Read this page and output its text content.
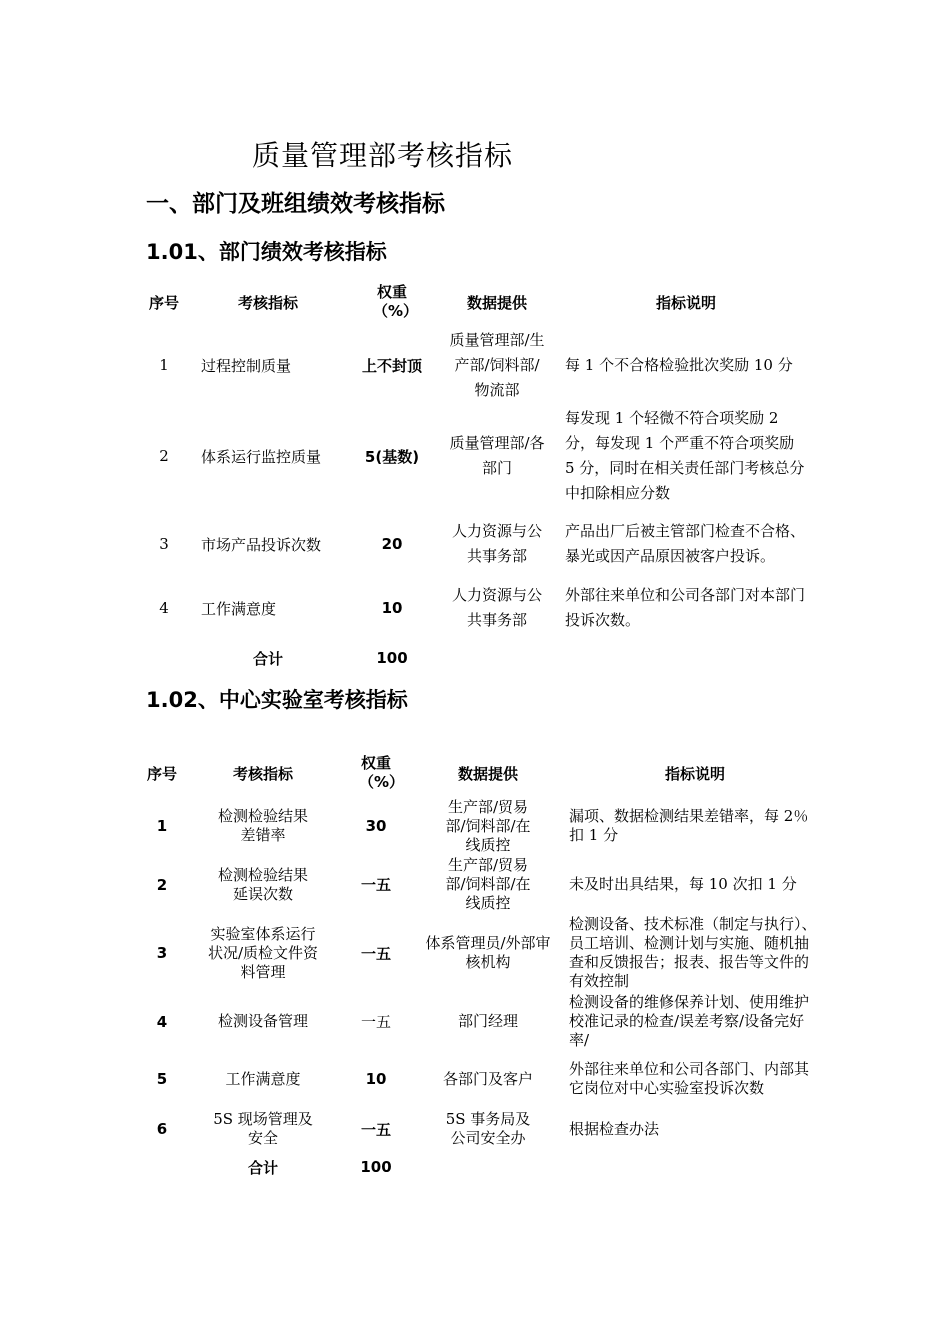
质量管理部考核指标
一、部门及班组绩效考核指标
1.01、部门绩效考核指标
序号	考核指标	权重（%）	数据提供	指标说明
1	过程控制质量	上不封顶	质量管理部/生产部/饲料部/物流部	每 1 个不合格检验批次奖励 10 分
2	体系运行监控质量	5(基数)	质量管理部/各部门	每发现 1 个轻微不符合项奖励 2 分，每发现 1 个严重不符合项奖励 5 分，同时在相关责任部门考核总分中扣除相应分数
3	市场产品投诉次数	20	人力资源与公共事务部	产品出厂后被主管部门检查不合格、暴光或因产品原因被客户投诉。
4	工作满意度	10	人力资源与公共事务部	外部往来单位和公司各部门对本部门投诉次数。
	合计	100		
1.02、中心实验室考核指标
序号	考核指标	权重（%）	数据提供	指标说明
1	检测检验结果差错率	30	生产部/贸易部/饲料部/在线质控	漏项、数据检测结果差错率，每 2％扣 1 分
2	检测检验结果延误次数	一五	生产部/贸易部/饲料部/在线质控	未及时出具结果，每 10 次扣 1 分
3	实验室体系运行状况/质检文件资料管理	一五	体系管理员/外部审核机构	检测设备、技术标准（制定与执行）、员工培训、检测计划与实施、随机抽查和反馈报告；报表、报告等文件的有效控制
4	检测设备管理	一五	部门经理	检测设备的维修保养计划、使用维护校准记录的检查/误差考察/设备完好率/
5	工作满意度	10	各部门及客户	外部往来单位和公司各部门、内部其它岗位对中心实验室投诉次数
6	5S 现场管理及安全	一五	5S 事务局及公司安全办	根据检查办法
	合计	100		
